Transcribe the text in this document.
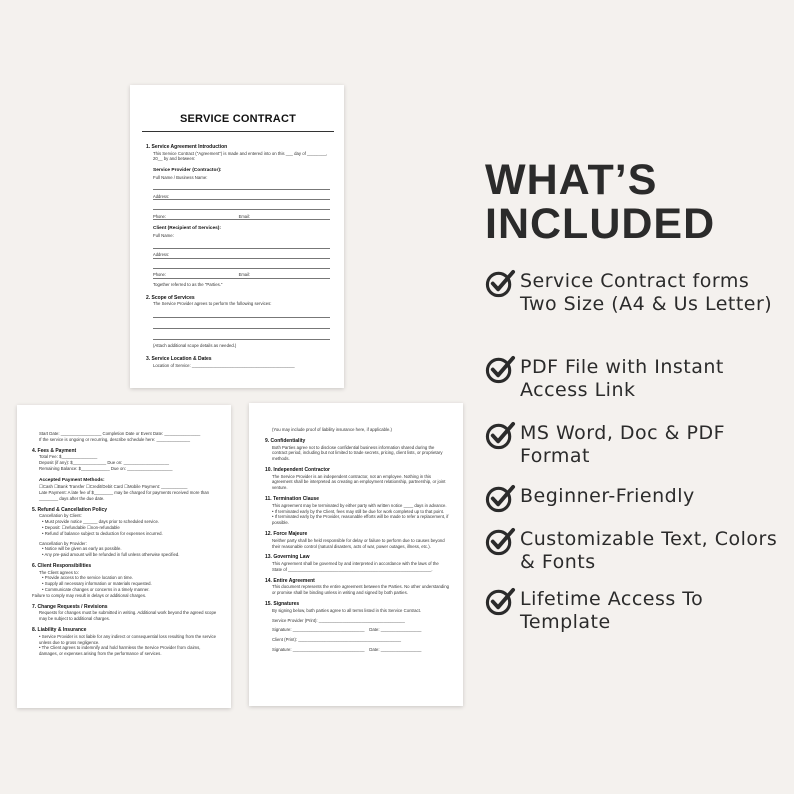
SERVICE CONTRACT
1. Service Agreement Introduction
This Service Contract ("Agreement") is made and entered into on this ___ day of ________, 20__ by and between:
Service Provider (Contractor):
Full Name / Business Name:
Address:
Phone:	Email:
Client (Recipient of Services):
Full Name:
Address:
Phone:	Email:
Together referred to as the "Parties."
2. Scope of Services
The Service Provider agrees to perform the following services:
(Attach additional scope details as needed.)
3. Service Location & Dates
Location of Service: ___________________________________________
Start Date: _________________ Completion Date or Event Date: _______________
If the service is ongoing or recurring, describe schedule here: ______________
4. Fees & Payment
Total Fee: $_______________
Deposit (if any): $______________ Due on: ___________________
Remaining Balance: $____________ Due on: ___________________
Accepted Payment Methods:
☐Cash ☐Bank Transfer ☐Credit/Debit Card ☐Mobile Payment: ___________
Late Payment: A late fee of $________ may be charged for payments received more than ________ days after the due date.
5. Refund & Cancellation Policy
Cancellation by Client:
• Must provide notice ______ days prior to scheduled service.
• Deposit: ☐refundable ☐non-refundable
• Refund of balance subject to deduction for expenses incurred.
Cancellation by Provider:
• Notice will be given as early as possible.
• Any pre-paid amount will be refunded in full unless otherwise specified.
6. Client Responsibilities
The Client agrees to:
• Provide access to the service location on time.
• Supply all necessary information or materials requested.
• Communicate changes or concerns in a timely manner.
Failure to comply may result in delays or additional charges.
7. Change Requests / Revisions
Requests for changes must be submitted in writing. Additional work beyond the agreed scope may be subject to additional charges.
8. Liability & Insurance
• Service Provider is not liable for any indirect or consequential loss resulting from the service unless due to gross negligence.
• The Client agrees to indemnify and hold harmless the Service Provider from claims, damages, or expenses arising from the performance of services.
(You may include proof of liability insurance here, if applicable.)
9. Confidentiality
Both Parties agree not to disclose confidential business information shared during the contract period, including but not limited to trade secrets, pricing, client lists, or proprietary methods.
10. Independent Contractor
The Service Provider is an independent contractor, not an employee. Nothing in this agreement shall be interpreted as creating an employment relationship, partnership, or joint venture.
11. Termination Clause
This agreement may be terminated by either party with written notice ____ days in advance.
• If terminated early by the Client, fees may still be due for work completed up to that point.
• If terminated early by the Provider, reasonable efforts will be made to refer a replacement, if possible.
12. Force Majeure
Neither party shall be held responsible for delay or failure to perform due to causes beyond their reasonable control (natural disasters, acts of war, power outages, illness, etc.).
13. Governing Law
This Agreement shall be governed by and interpreted in accordance with the laws of the State of ____________________________________________________________.
14. Entire Agreement
This document represents the entire agreement between the Parties. No other understanding or promise shall be binding unless in writing and signed by both parties.
15. Signatures
By signing below, both parties agree to all terms listed in this Service Contract.
Service Provider (Print): ____________________________________
Signature: ______________________________ Date: _________________
Client (Print): ___________________________________________
Signature: ______________________________ Date: _________________
WHAT’S
INCLUDED
Service Contract forms Two Size (A4 & Us Letter)
PDF File with Instant Access Link
MS Word, Doc & PDF Format
Beginner-Friendly
Customizable Text, Colors & Fonts
Lifetime Access To Template
